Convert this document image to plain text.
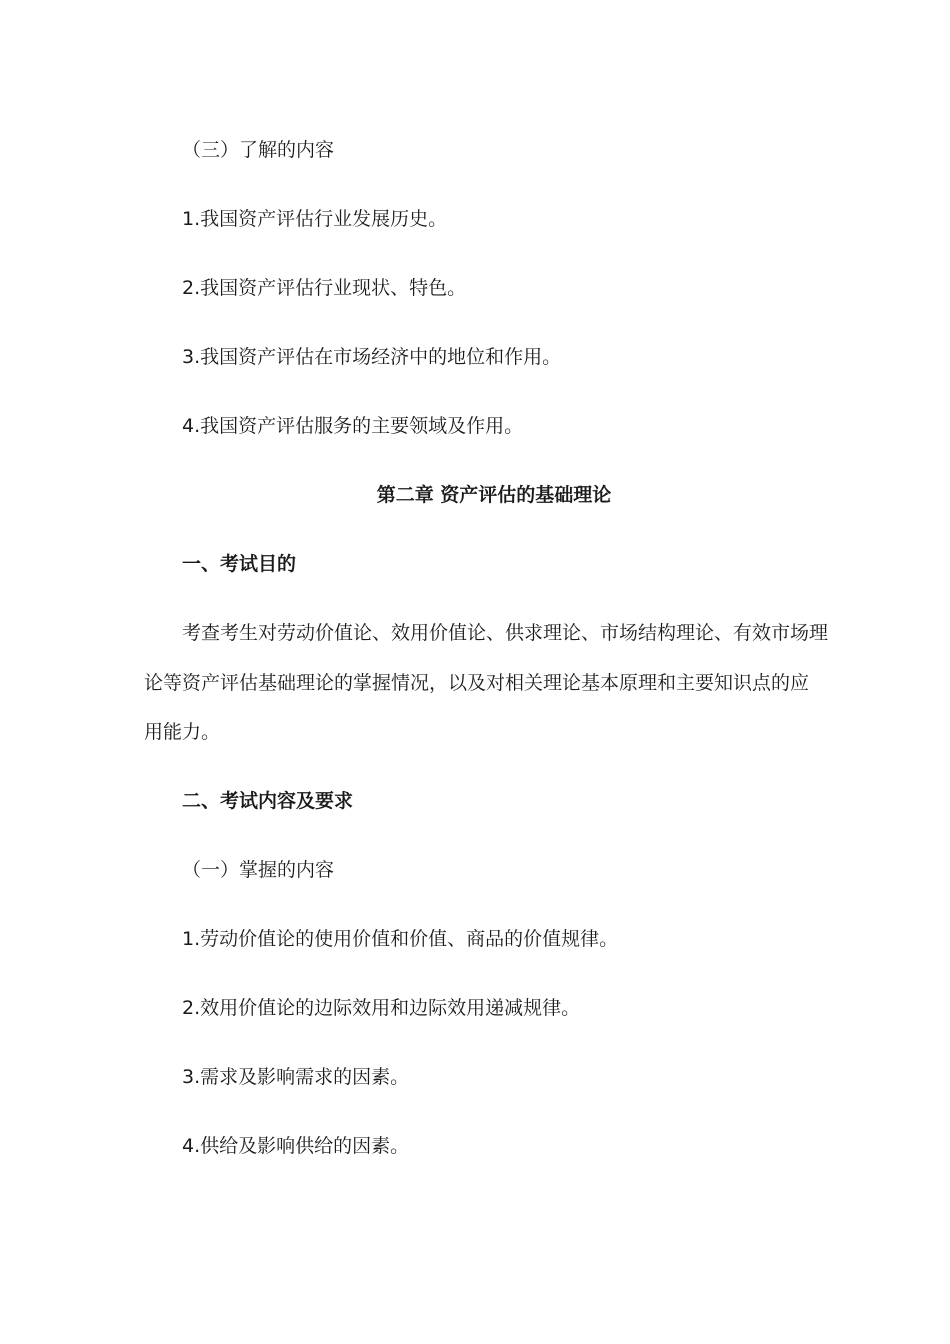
（三）了解的内容
1.我国资产评估行业发展历史。
2.我国资产评估行业现状、特色。
3.我国资产评估在市场经济中的地位和作用。
4.我国资产评估服务的主要领域及作用。
第二章 资产评估的基础理论
一、考试目的
考查考生对劳动价值论、效用价值论、供求理论、市场结构理论、有效市场理
论等资产评估基础理论的掌握情况，以及对相关理论基本原理和主要知识点的应
用能力。
二、考试内容及要求
（一）掌握的内容
1.劳动价值论的使用价值和价值、商品的价值规律。
2.效用价值论的边际效用和边际效用递减规律。
3.需求及影响需求的因素。
4.供给及影响供给的因素。
